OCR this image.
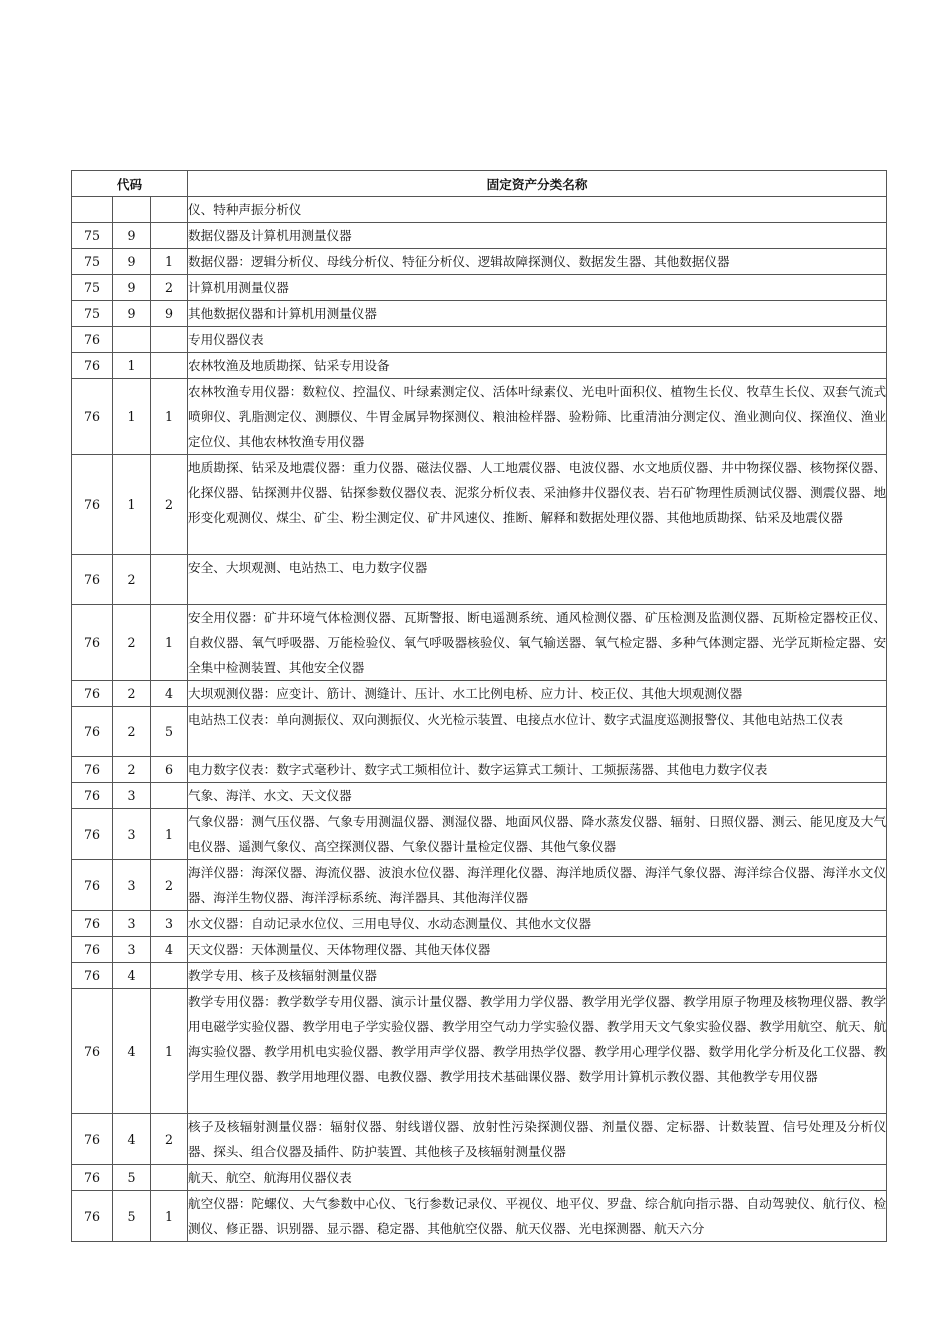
代码			固定资产分类名称
			仪、特种声振分析仪
75	9		数据仪器及计算机用测量仪器
75	9	1	数据仪器：逻辑分析仪、母线分析仪、特征分析仪、逻辑故障探测仪、数据发生器、其他数据仪器
75	9	2	计算机用测量仪器
75	9	9	其他数据仪器和计算机用测量仪器
76			专用仪器仪表
76	1		农林牧渔及地质勘探、钻采专用设备
76	1	1	农林牧渔专用仪器：数粒仪、控温仪、叶绿素测定仪、活体叶绿素仪、光电叶面积仪、植物生长仪、牧草生长仪、双套气流式喷卵仪、乳脂测定仪、测膘仪、牛胃金属异物探测仪、粮油检样器、验粉筛、比重清油分测定仪、渔业测向仪、探渔仪、渔业定位仪、其他农林牧渔专用仪器
76	1	2	地质勘探、钻采及地震仪器：重力仪器、磁法仪器、人工地震仪器、电波仪器、水文地质仪器、井中物探仪器、核物探仪器、化探仪器、钻探测井仪器、钻探参数仪器仪表、泥浆分析仪表、采油修井仪器仪表、岩石矿物理性质测试仪器、测震仪器、地形变化观测仪、煤尘、矿尘、粉尘测定仪、矿井风速仪、推断、解释和数据处理仪器、其他地质勘探、钻采及地震仪器
76	2		安全、大坝观测、电站热工、电力数字仪器
76	2	1	安全用仪器：矿井环境气体检测仪器、瓦斯警报、断电遥测系统、通风检测仪器、矿压检测及监测仪器、瓦斯检定器校正仪、自救仪器、氧气呼吸器、万能检验仪、氧气呼吸器核验仪、氧气输送器、氧气检定器、多种气体测定器、光学瓦斯检定器、安全集中检测装置、其他安全仪器
76	2	4	大坝观测仪器：应变计、筋计、测缝计、压计、水工比例电桥、应力计、校正仪、其他大坝观测仪器
76	2	5	电站热工仪表：单向测振仪、双向测振仪、火光检示装置、电接点水位计、数字式温度巡测报警仪、其他电站热工仪表
76	2	6	电力数字仪表：数字式毫秒计、数字式工频相位计、数字运算式工频计、工频振荡器、其他电力数字仪表
76	3		气象、海洋、水文、天文仪器
76	3	1	气象仪器：测气压仪器、气象专用测温仪器、测湿仪器、地面风仪器、降水蒸发仪器、辐射、日照仪器、测云、能见度及大气电仪器、遥测气象仪、高空探测仪器、气象仪器计量检定仪器、其他气象仪器
76	3	2	海洋仪器：海深仪器、海流仪器、波浪水位仪器、海洋理化仪器、海洋地质仪器、海洋气象仪器、海洋综合仪器、海洋水文仪器、海洋生物仪器、海洋浮标系统、海洋器具、其他海洋仪器
76	3	3	水文仪器：自动记录水位仪、三用电导仪、水动态测量仪、其他水文仪器
76	3	4	天文仪器：天体测量仪、天体物理仪器、其他天体仪器
76	4		教学专用、核子及核辐射测量仪器
76	4	1	教学专用仪器：教学数学专用仪器、演示计量仪器、教学用力学仪器、教学用光学仪器、教学用原子物理及核物理仪器、教学用电磁学实验仪器、教学用电子学实验仪器、教学用空气动力学实验仪器、教学用天文气象实验仪器、教学用航空、航天、航海实验仪器、教学用机电实验仪器、教学用声学仪器、教学用热学仪器、教学用心理学仪器、数学用化学分析及化工仪器、教学用生理仪器、教学用地理仪器、电教仪器、教学用技术基础课仪器、数学用计算机示教仪器、其他教学专用仪器
76	4	2	核子及核辐射测量仪器：辐射仪器、射线谱仪器、放射性污染探测仪器、剂量仪器、定标器、计数装置、信号处理及分析仪器、探头、组合仪器及插件、防护装置、其他核子及核辐射测量仪器
76	5		航天、航空、航海用仪器仪表
76	5	1	航空仪器：陀螺仪、大气参数中心仪、飞行参数记录仪、平视仪、地平仪、罗盘、综合航向指示器、自动驾驶仪、航行仪、检测仪、修正器、识别器、显示器、稳定器、其他航空仪器、航天仪器、光电探测器、航天六分
